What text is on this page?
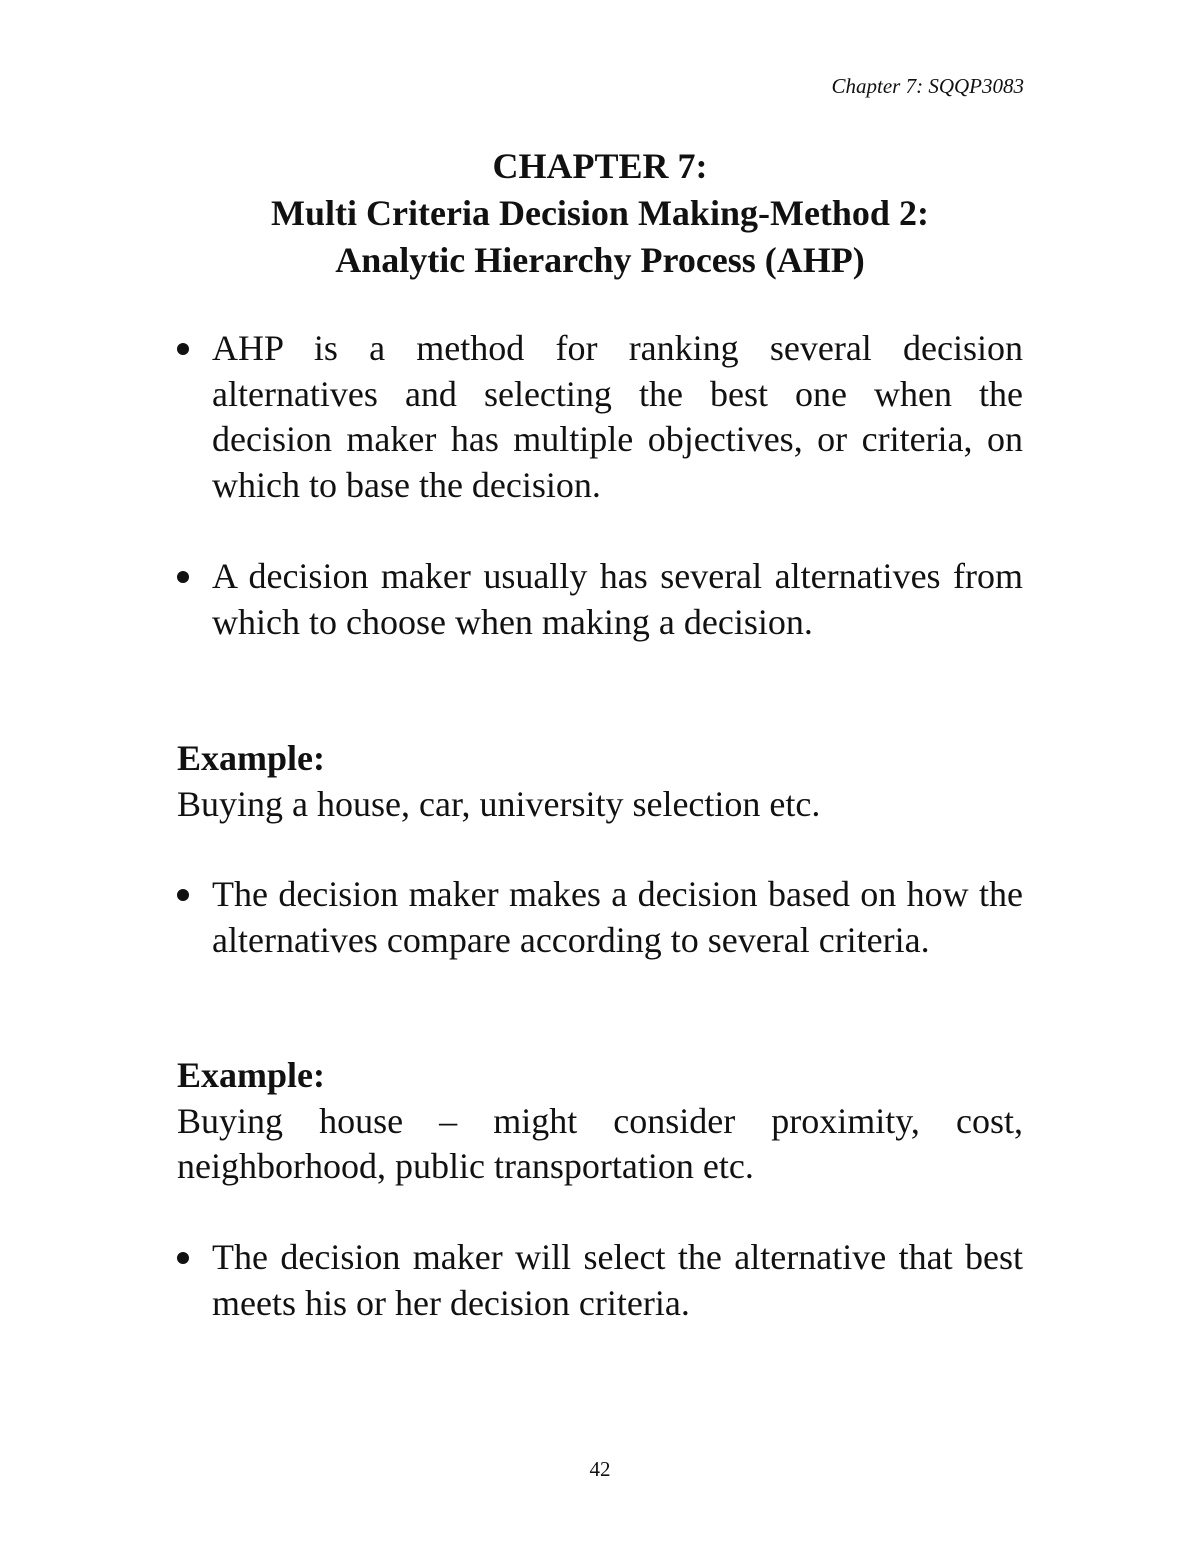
Chapter 7: SQQP3083
CHAPTER 7:
Multi Criteria Decision Making-Method 2:
Analytic Hierarchy Process (AHP)
AHP is a method for ranking several decision alternatives and selecting the best one when the decision maker has multiple objectives, or criteria, on which to base the decision.
A decision maker usually has several alternatives from which to choose when making a decision.
Example:
Buying a house, car, university selection etc.
The decision maker makes a decision based on how the alternatives compare according to several criteria.
Example:
Buying house – might consider proximity, cost,
neighborhood, public transportation etc.
The decision maker will select the alternative that best meets his or her decision criteria.
42
